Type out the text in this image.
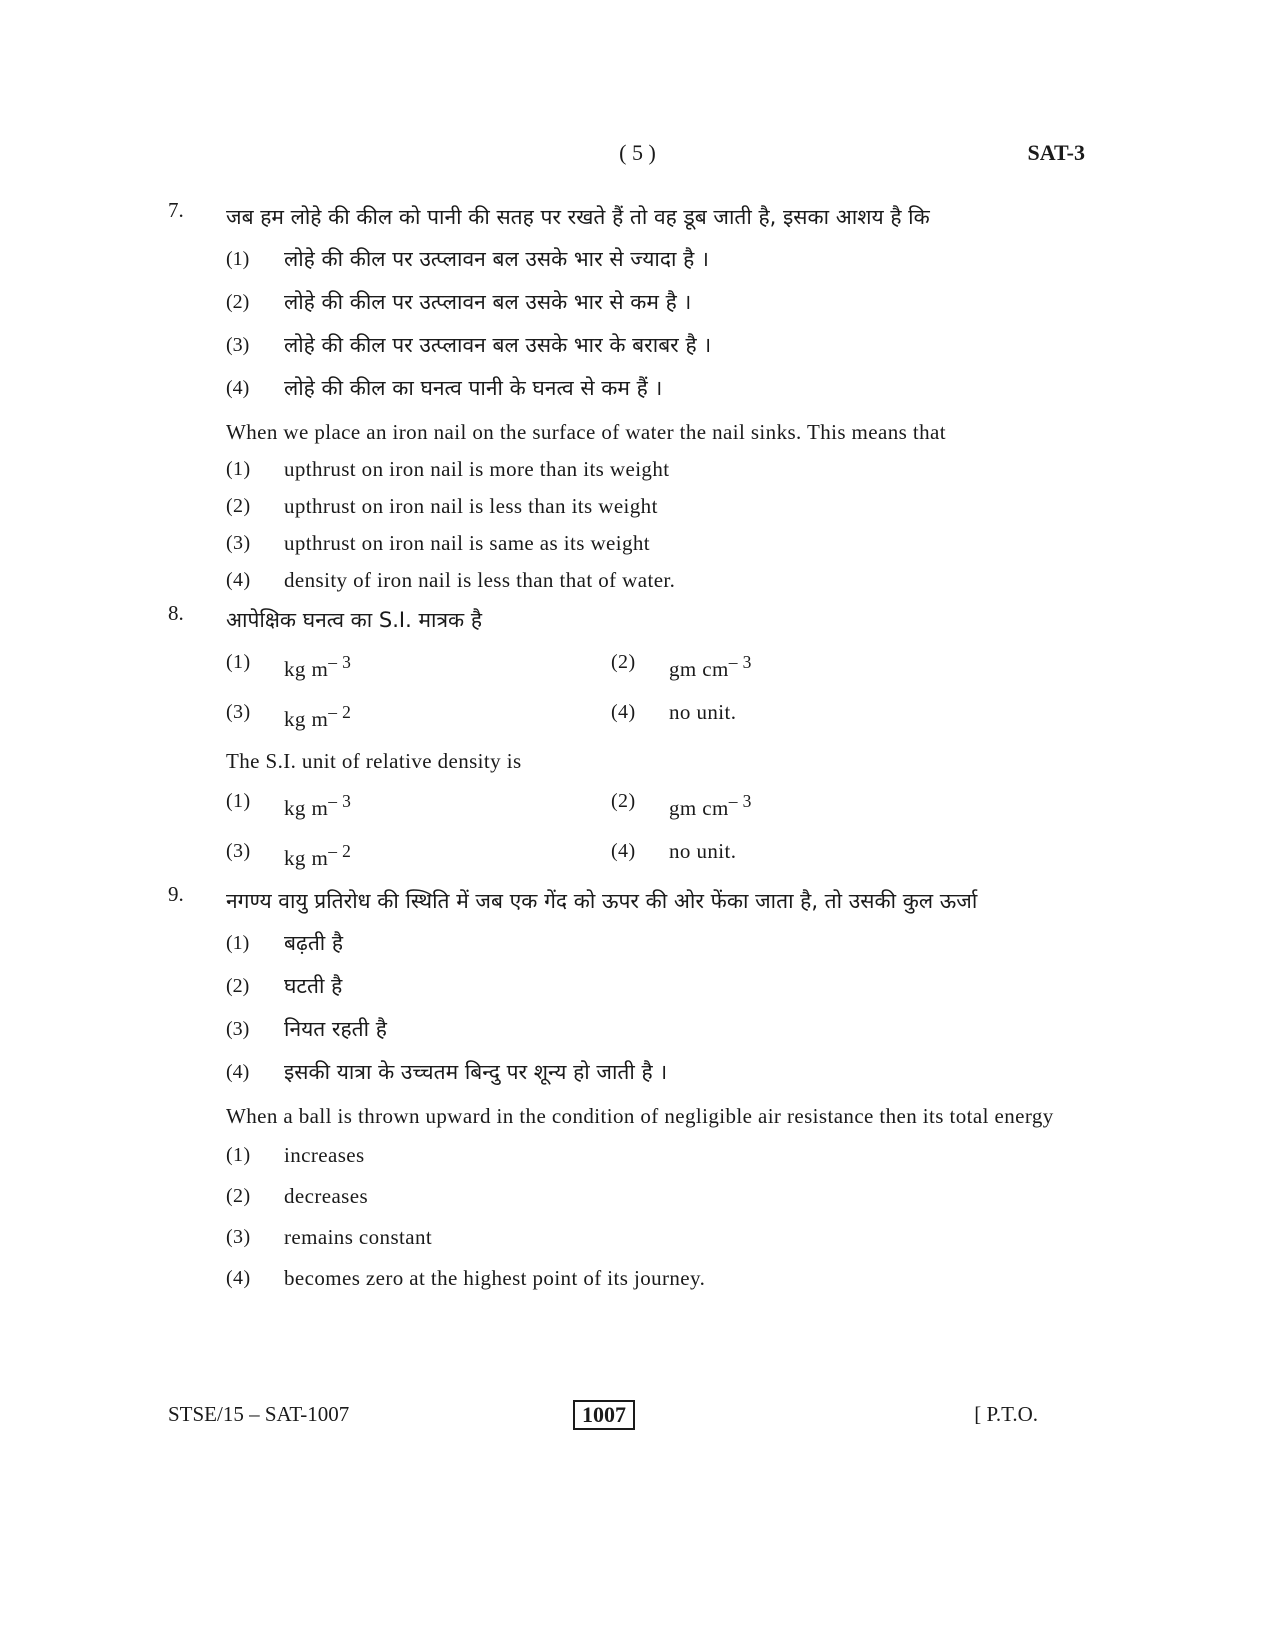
( 5 )	SAT-3
7.	जब हम लोहे की कील को पानी की सतह पर रखते हैं तो वह डूब जाती है, इसका आशय है कि
(1)	लोहे की कील पर उत्प्लावन बल उसके भार से ज्यादा है ।
(2)	लोहे की कील पर उत्प्लावन बल उसके भार से कम है ।
(3)	लोहे की कील पर उत्प्लावन बल उसके भार के बराबर है ।
(4)	लोहे की कील का घनत्व पानी के घनत्व से कम हैं ।
When we place an iron nail on the surface of water the nail sinks. This means that
(1)	upthrust on iron nail is more than its weight
(2)	upthrust on iron nail is less than its weight
(3)	upthrust on iron nail is same as its weight
(4)	density of iron nail is less than that of water.
8.	आपेक्षिक घनत्व का S.I. मात्रक है
(1)	kg $m^{- 3}$	(2)	gm $cm^{- 3}$
(3)	kg $m^{- 2}$	(4)	no unit.
The S.I. unit of relative density is
(1)	kg $m^{- 3}$	(2)	gm $cm^{- 3}$
(3)	kg $m^{- 2}$	(4)	no unit.
9.	नगण्य वायु प्रतिरोध की स्थिति में जब एक गेंद को ऊपर की ओर फेंका जाता है, तो उसकी कुल ऊर्जा
(1)	बढ़ती है
(2)	घटती है
(3)	नियत रहती है
(4)	इसकी यात्रा के उच्चतम बिन्दु पर शून्य हो जाती है ।
When a ball is thrown upward in the condition of negligible air resistance then its total energy
(1)	increases
(2)	decreases
(3)	remains constant
(4)	becomes zero at the highest point of its journey.
STSE/15 – SAT-1007	1007	[ P.T.O.
